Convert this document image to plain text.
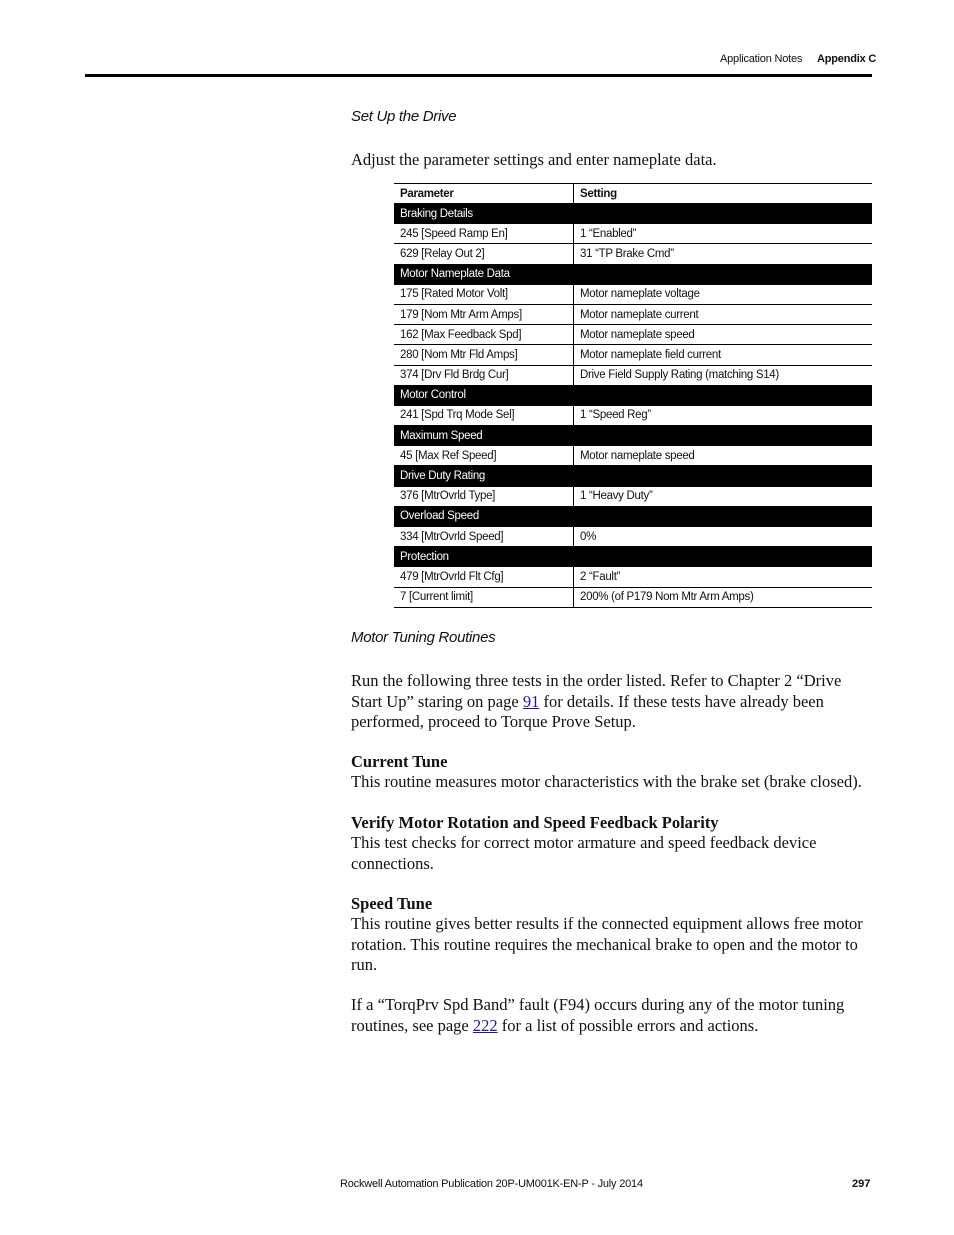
Application Notes Appendix C
Set Up the Drive
Adjust the parameter settings and enter nameplate data.
Parameter	Setting
Braking Details	
245 [Speed Ramp En]	1 “Enabled”
629 [Relay Out 2]	31 “TP Brake Cmd”
Motor Nameplate Data	
175 [Rated Motor Volt]	Motor nameplate voltage
179 [Nom Mtr Arm Amps]	Motor nameplate current
162 [Max Feedback Spd]	Motor nameplate speed
280 [Nom Mtr Fld Amps]	Motor nameplate field current
374 [Drv Fld Brdg Cur]	Drive Field Supply Rating (matching S14)
Motor Control	
241 [Spd Trq Mode Sel]	1 “Speed Reg”
Maximum Speed	
45 [Max Ref Speed]	Motor nameplate speed
Drive Duty Rating	
376 [MtrOvrld Type]	1 “Heavy Duty”
Overload Speed	
334 [MtrOvrld Speed]	0%
Protection	
479 [MtrOvrld Flt Cfg]	2 “Fault”
7 [Current limit]	200% (of P179 Nom Mtr Arm Amps)
Motor Tuning Routines
Run the following three tests in the order listed. Refer to Chapter 2 “Drive Start Up” staring on page 91 for details. If these tests have already been performed, proceed to Torque Prove Setup.
Current Tune
This routine measures motor characteristics with the brake set (brake closed).
Verify Motor Rotation and Speed Feedback Polarity
This test checks for correct motor armature and speed feedback device connections.
Speed Tune
This routine gives better results if the connected equipment allows free motor rotation. This routine requires the mechanical brake to open and the motor to run.
If a “TorqPrv Spd Band” fault (F94) occurs during any of the motor tuning routines, see page 222 for a list of possible errors and actions.
Rockwell Automation Publication 20P-UM001K-EN-P - July 2014	297
